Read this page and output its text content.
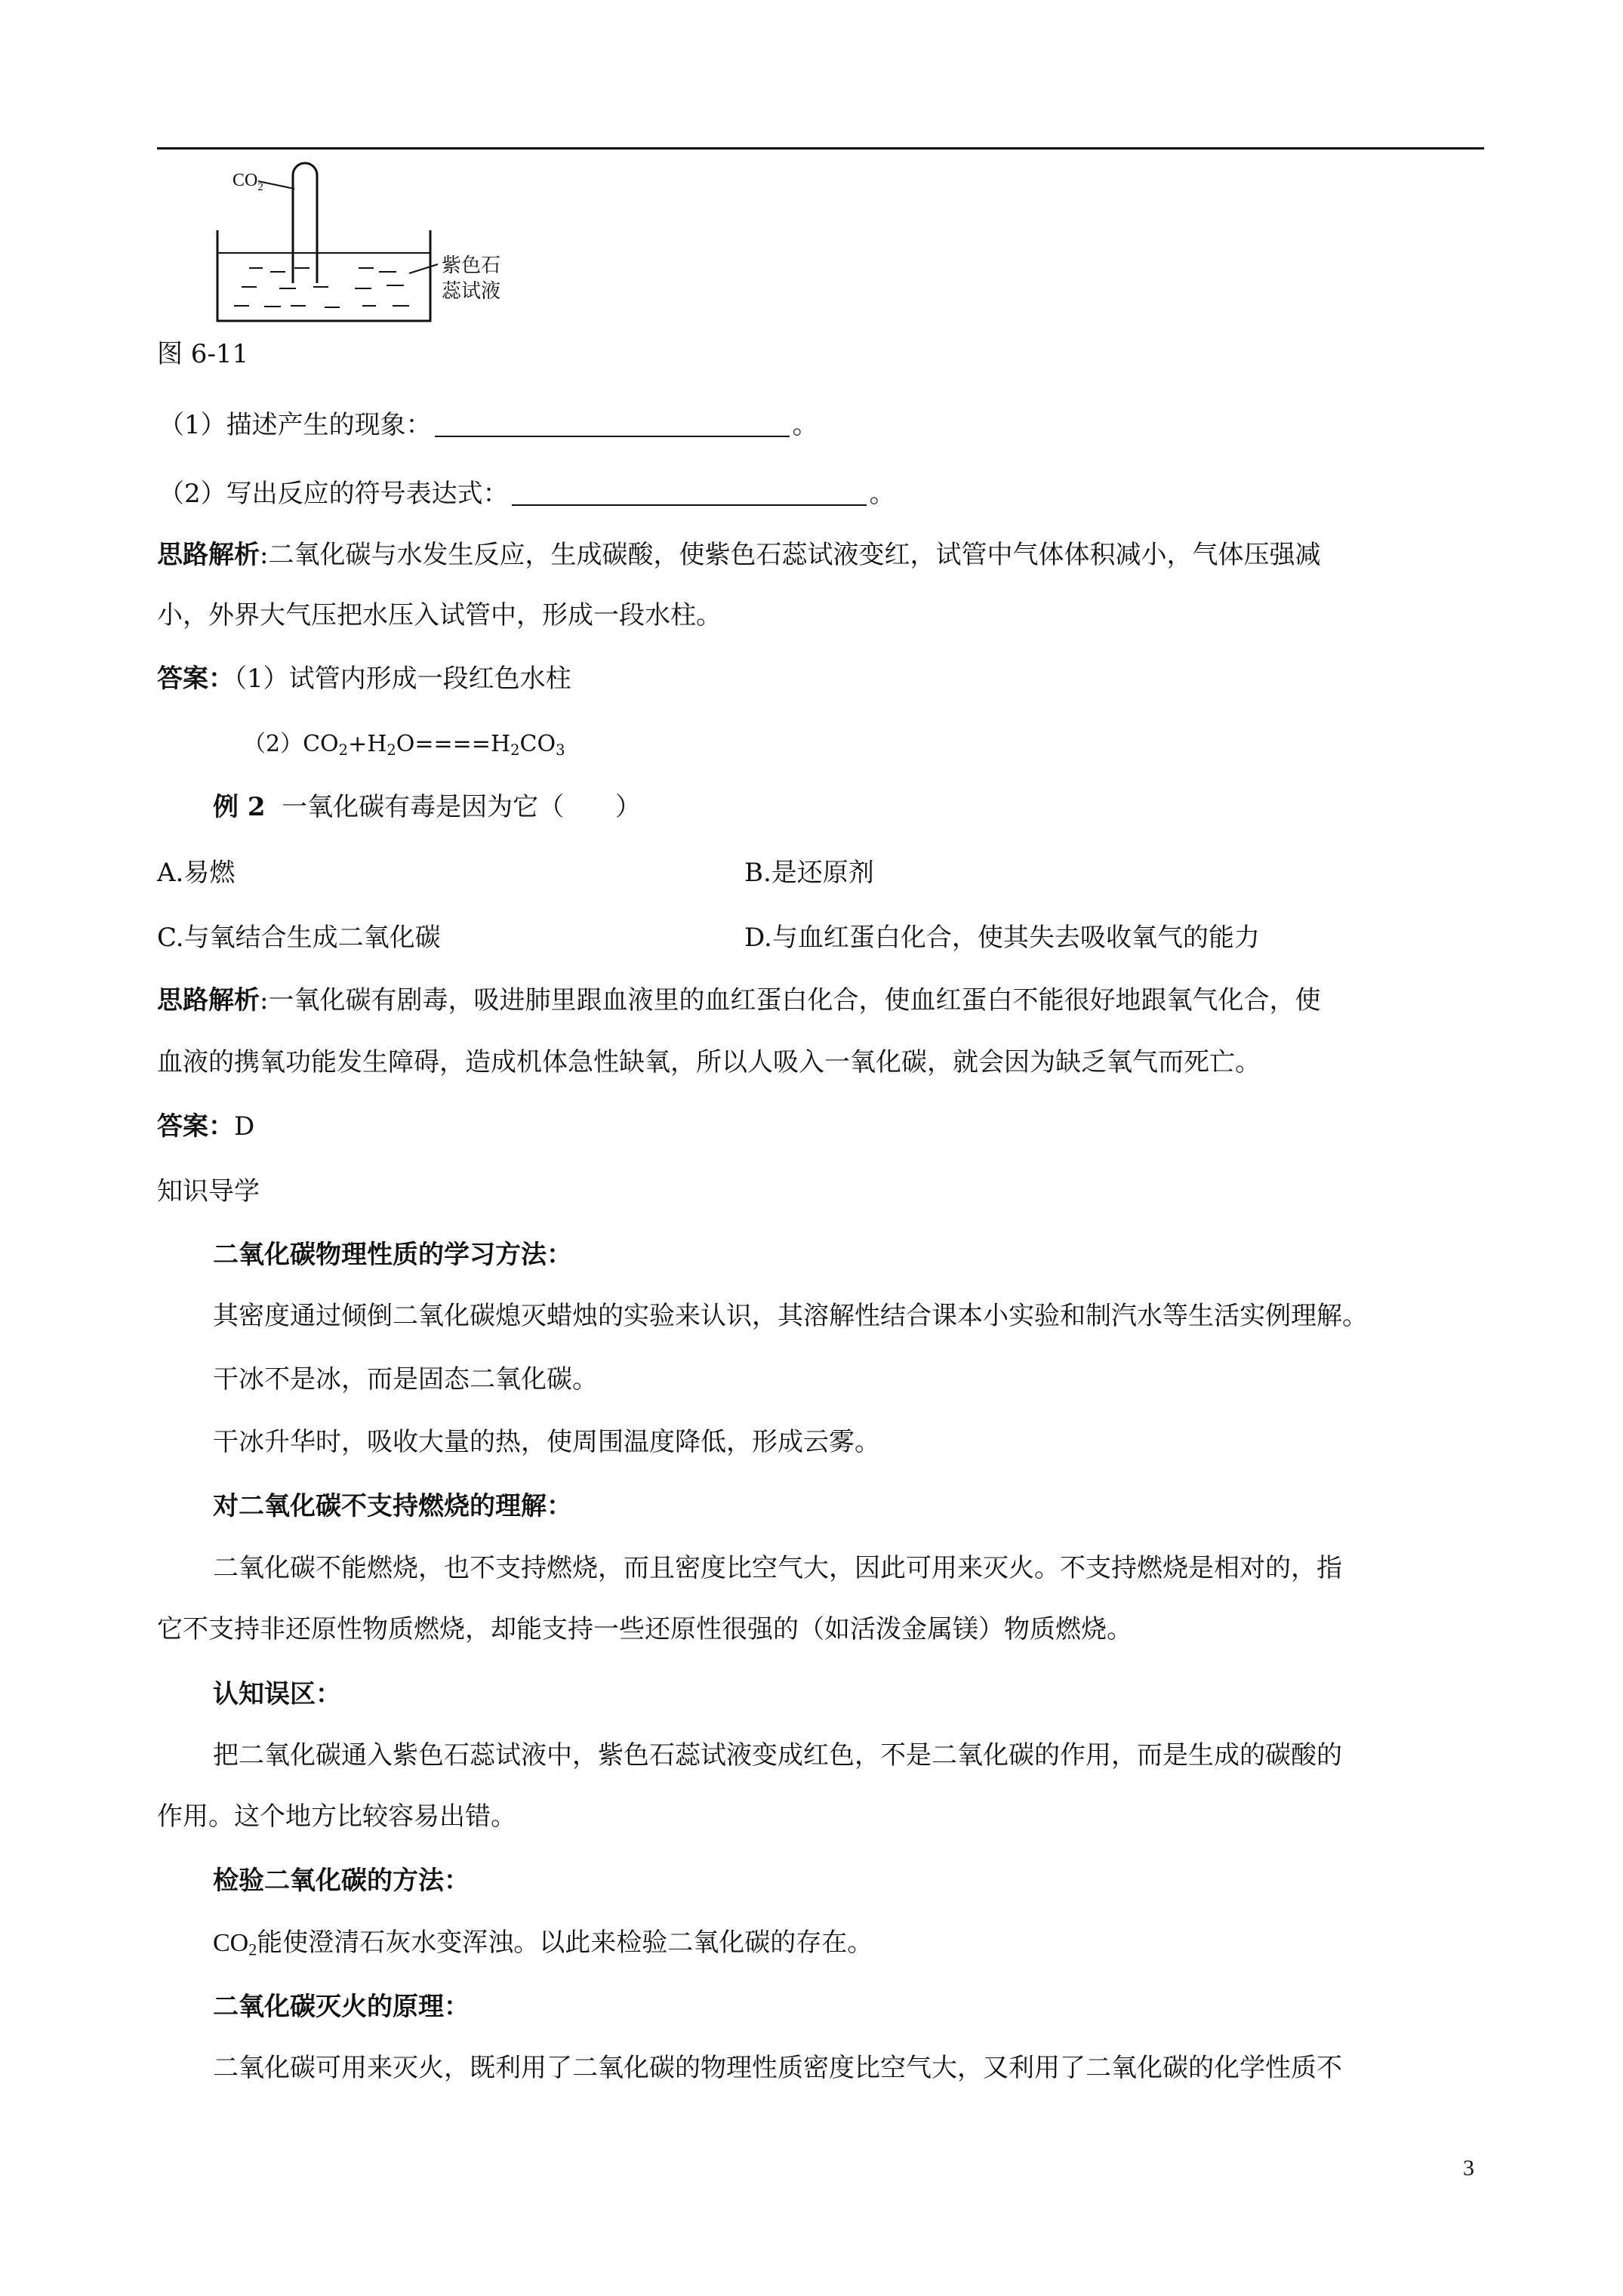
$CO_2$
紫色石
蕊试液
图 6-11
（1）描述产生的现象：	。
（2）写出反应的符号表达式：	。
思路解析:二氧化碳与水发生反应，生成碳酸，使紫色石蕊试液变红，试管中气体体积减小，气体压强减
小，外界大气压把水压入试管中，形成一段水柱。
答案：（1）试管内形成一段红色水柱
$(2)CO_2+H_2O====H_2CO_3$
例 2 一氧化碳有毒是因为它（　　）
A.易燃	B.是还原剂
C.与氧结合生成二氧化碳	D.与血红蛋白化合，使其失去吸收氧气的能力
思路解析:一氧化碳有剧毒，吸进肺里跟血液里的血红蛋白化合，使血红蛋白不能很好地跟氧气化合，使
血液的携氧功能发生障碍，造成机体急性缺氧，所以人吸入一氧化碳，就会因为缺乏氧气而死亡。
答案：D
知识导学
二氧化碳物理性质的学习方法：
其密度通过倾倒二氧化碳熄灭蜡烛的实验来认识，其溶解性结合课本小实验和制汽水等生活实例理解。
干冰不是冰，而是固态二氧化碳。
干冰升华时，吸收大量的热，使周围温度降低，形成云雾。
对二氧化碳不支持燃烧的理解：
二氧化碳不能燃烧，也不支持燃烧，而且密度比空气大，因此可用来灭火。不支持燃烧是相对的，指
它不支持非还原性物质燃烧，却能支持一些还原性很强的（如活泼金属镁）物质燃烧。
认知误区：
把二氧化碳通入紫色石蕊试液中，紫色石蕊试液变成红色，不是二氧化碳的作用，而是生成的碳酸的
作用。这个地方比较容易出错。
检验二氧化碳的方法：
$CO_2$能使澄清石灰水变浑浊。以此来检验二氧化碳的存在。
二氧化碳灭火的原理：
二氧化碳可用来灭火，既利用了二氧化碳的物理性质密度比空气大，又利用了二氧化碳的化学性质不
3
